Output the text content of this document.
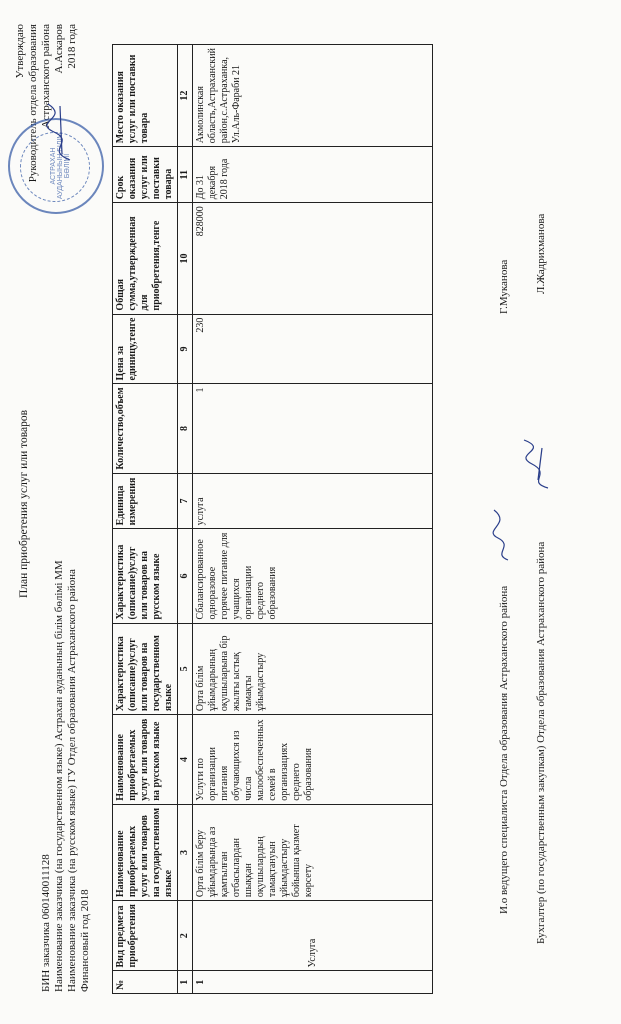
Утверждаю Руководитель отдела образования Астраханского района А.Аскаров 2018 года
АСТРАХАН АУДАНЫНЫҢ БІЛІМ БӨЛІМІ
План приобретения услуг или товаров
БИН заказчика 060140011128 Наименование заказчика (на государственном языке) Астрахан ауданының білім бөлімі ММ Наименование заказчика (на русском языке) ГУ Отдел образования Астраханского района Финансовый год 2018 №	Вид предмета приобретения	Наименование приобретаемых услуг или товаров на государственном языке	Наименование приобретаемых услуг или товаров на русском языке	Характеристика (описание)услуг или товаров на государственном языке	Характеристика (описание)услуг или товаров на русском языке	Единица измерения	Количество,объем	Цена за единицу,тенге	Общая сумма,утвержденная для приобретения,тенге	Срок оказания услуг или поставки товара	Место оказания услуг или поставки товара
1	2	3	4	5	6	7	8	9	10	11	12
1	Услуга	Орта білім беру ұйымдарында аз қамтылған отбасылардан шыққан оқушылардың тамақтануын ұйымдастыру бойынша қызмет көрсету	Услуги по организации питания обучающихся из числа малообеспеченных семей в организациях среднего образования	Орта білім ұйымдарының оқушыларына бір жылғы ыстық тамақты ұйымдастыру	Сбалансированное одноразовое горячее питание для учащихся организации среднего образования	услуга	1	230	828000	До 31 декабря 2018 года	Акмолинская область,Астраханский район,с.Астраханка, Ул.Аль-Фараби 21
И.о ведущего специалиста Отдела образования Астраханского района
Г.Муканова
Бухгалтер (по государственным закупкам) Отдела образования Астраханского района
Л.Жадрихманова
